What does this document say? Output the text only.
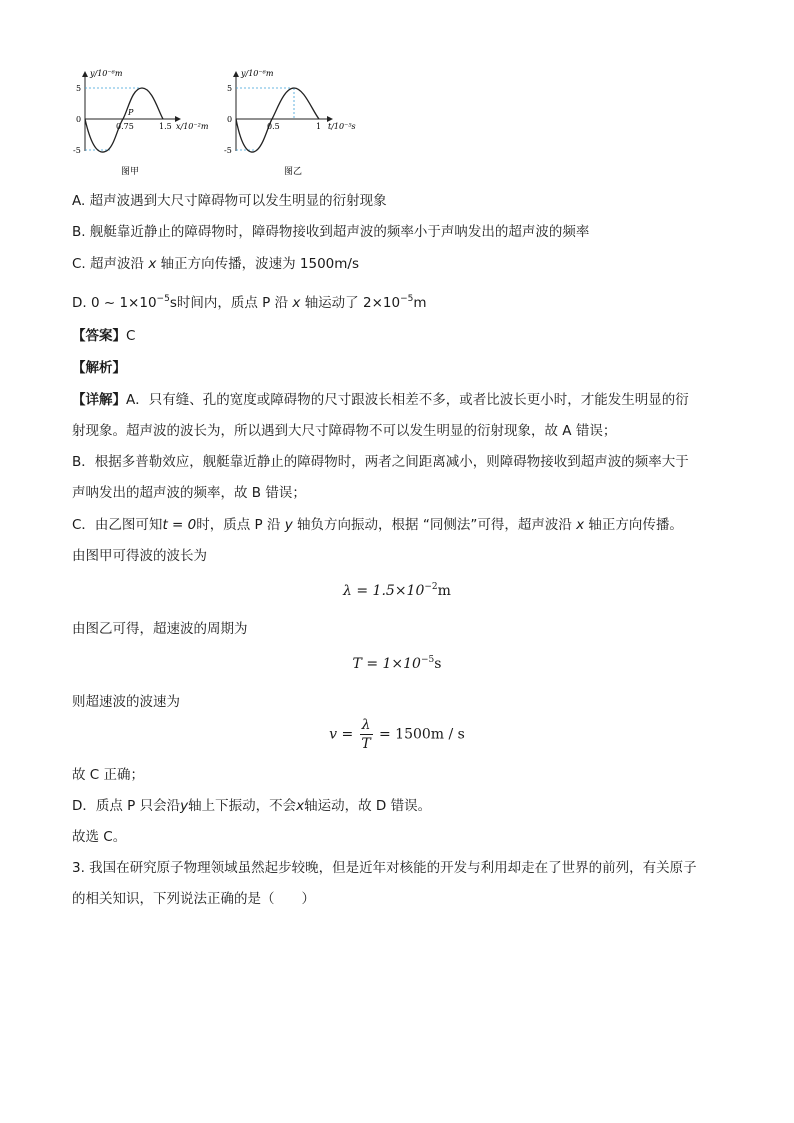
y/10⁻⁶m
x/10⁻²m
5
0
-5
0.75	1.5
P
图甲
y/10⁻⁶m
t/10⁻⁵s
5
0
-5
0.5	1
图乙
A. 超声波遇到大尺寸障碍物可以发生明显的衍射现象
B. 舰艇靠近静止的障碍物时，障碍物接收到超声波的频率小于声呐发出的超声波的频率
C. 超声波沿 x 轴正方向传播，波速为 1500m/s
D. 0 ~ $1\times 10^{-5}s$时间内，质点 P 沿 x 轴运动了 $2\times 10^{-5}m$
【答案】C
【解析】
【详解】A．只有缝、孔的宽度或障碍物的尺寸跟波长相差不多，或者比波长更小时，才能发生明显的衍
射现象。超声波的波长为，所以遇到大尺寸障碍物不可以发生明显的衍射现象，故 A 错误；
B．根据多普勒效应，舰艇靠近静止的障碍物时，两者之间距离减小，则障碍物接收到超声波的频率大于
声呐发出的超声波的频率，故 B 错误；
C．由乙图可知t = 0时，质点 P 沿 y 轴负方向振动，根据 “同侧法”可得，超声波沿 x 轴正方向传播。
由图甲可得波的波长为
$\lambda = 1.5\times 10^{-2}m$
由图乙可得，超速波的周期为
$T = 1\times 10^{-5}s$
则超速波的波速为
$v = \frac{\lambda}{T} = 1500m / s$
故 C 正确；
D．质点 P 只会沿y轴上下振动，不会x轴运动，故 D 错误。
故选 C。
3. 我国在研究原子物理领域虽然起步较晚，但是近年对核能的开发与利用却走在了世界的前列，有关原子
的相关知识，下列说法正确的是（　　）
